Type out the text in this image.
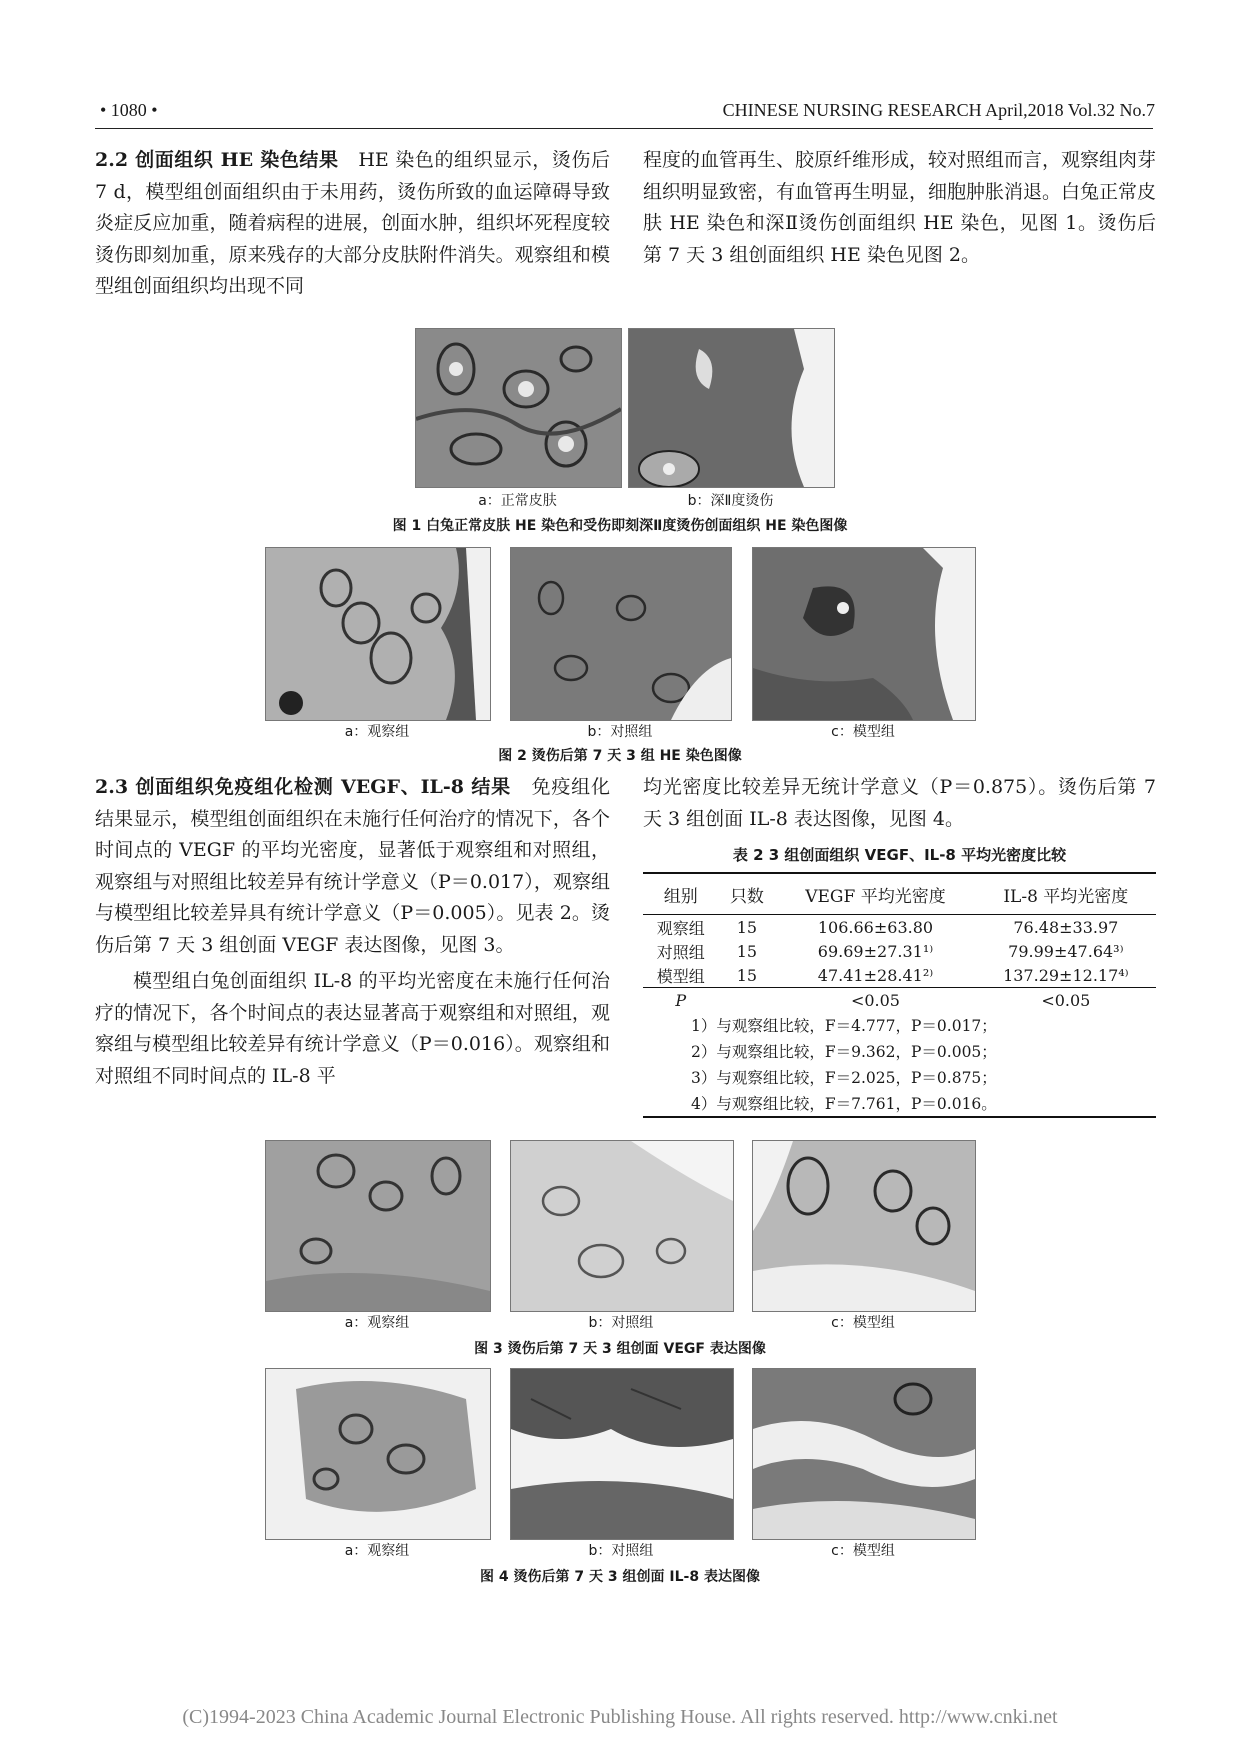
• 1080 •	CHINESE NURSING RESEARCH April,2018 Vol.32 No.7

2.2 创面组织 HE 染色结果 HE 染色的组织显示，烫伤后 7 d，模型组创面组织由于未用药，烫伤所致的血运障碍导致炎症反应加重，随着病程的进展，创面水肿，组织坏死程度较烫伤即刻加重，原来残存的大部分皮肤附件消失。观察组和模型组创面组织均出现不同

程度的血管再生、胶原纤维形成，较对照组而言，观察组肉芽组织明显致密，有血管再生明显，细胞肿胀消退。白兔正常皮肤 HE 染色和深Ⅱ烫伤创面组织 HE 染色，见图 1。烫伤后第 7 天 3 组创面组织 HE 染色见图 2。

a：正常皮肤	b：深Ⅱ度烫伤
图 1 白兔正常皮肤 HE 染色和受伤即刻深Ⅱ度烫伤创面组织 HE 染色图像
a：观察组	b：对照组	c：模型组
图 2 烫伤后第 7 天 3 组 HE 染色图像

2.3 创面组织免疫组化检测 VEGF、IL-8 结果 免疫组化结果显示，模型组创面组织在未施行任何治疗的情况下，各个时间点的 VEGF 的平均光密度，显著低于观察组和对照组，观察组与对照组比较差异有统计学意义（P＝0.017），观察组与模型组比较差异具有统计学意义（P＝0.005）。见表 2。烫伤后第 7 天 3 组创面 VEGF 表达图像，见图 3。

模型组白兔创面组织 IL-8 的平均光密度在未施行任何治疗的情况下，各个时间点的表达显著高于观察组和对照组，观察组与模型组比较差异有统计学意义（P＝0.016）。观察组和对照组不同时间点的 IL-8 平

均光密度比较差异无统计学意义（P＝0.875）。烫伤后第 7 天 3 组创面 IL-8 表达图像，见图 4。

表 2 3 组创面组织 VEGF、IL-8 平均光密度比较
组别	只数	VEGF 平均光密度	IL-8 平均光密度
观察组	15	106.66±63.80	76.48±33.97
对照组	15	69.69±27.31¹⁾	79.99±47.64³⁾
模型组	15	47.41±28.41²⁾	137.29±12.17⁴⁾
P		<0.05	<0.05
1）与观察组比较，F＝4.777，P＝0.017；			
2）与观察组比较，F＝9.362，P＝0.005；			
3）与观察组比较，F＝2.025，P＝0.875；			
4）与观察组比较，F＝7.761，P＝0.016。			
a：观察组	b：对照组	c：模型组
图 3 烫伤后第 7 天 3 组创面 VEGF 表达图像
a：观察组	b：对照组	c：模型组
图 4 烫伤后第 7 天 3 组创面 IL-8 表达图像
(C)1994-2023 China Academic Journal Electronic Publishing House. All rights reserved. http://www.cnki.net
